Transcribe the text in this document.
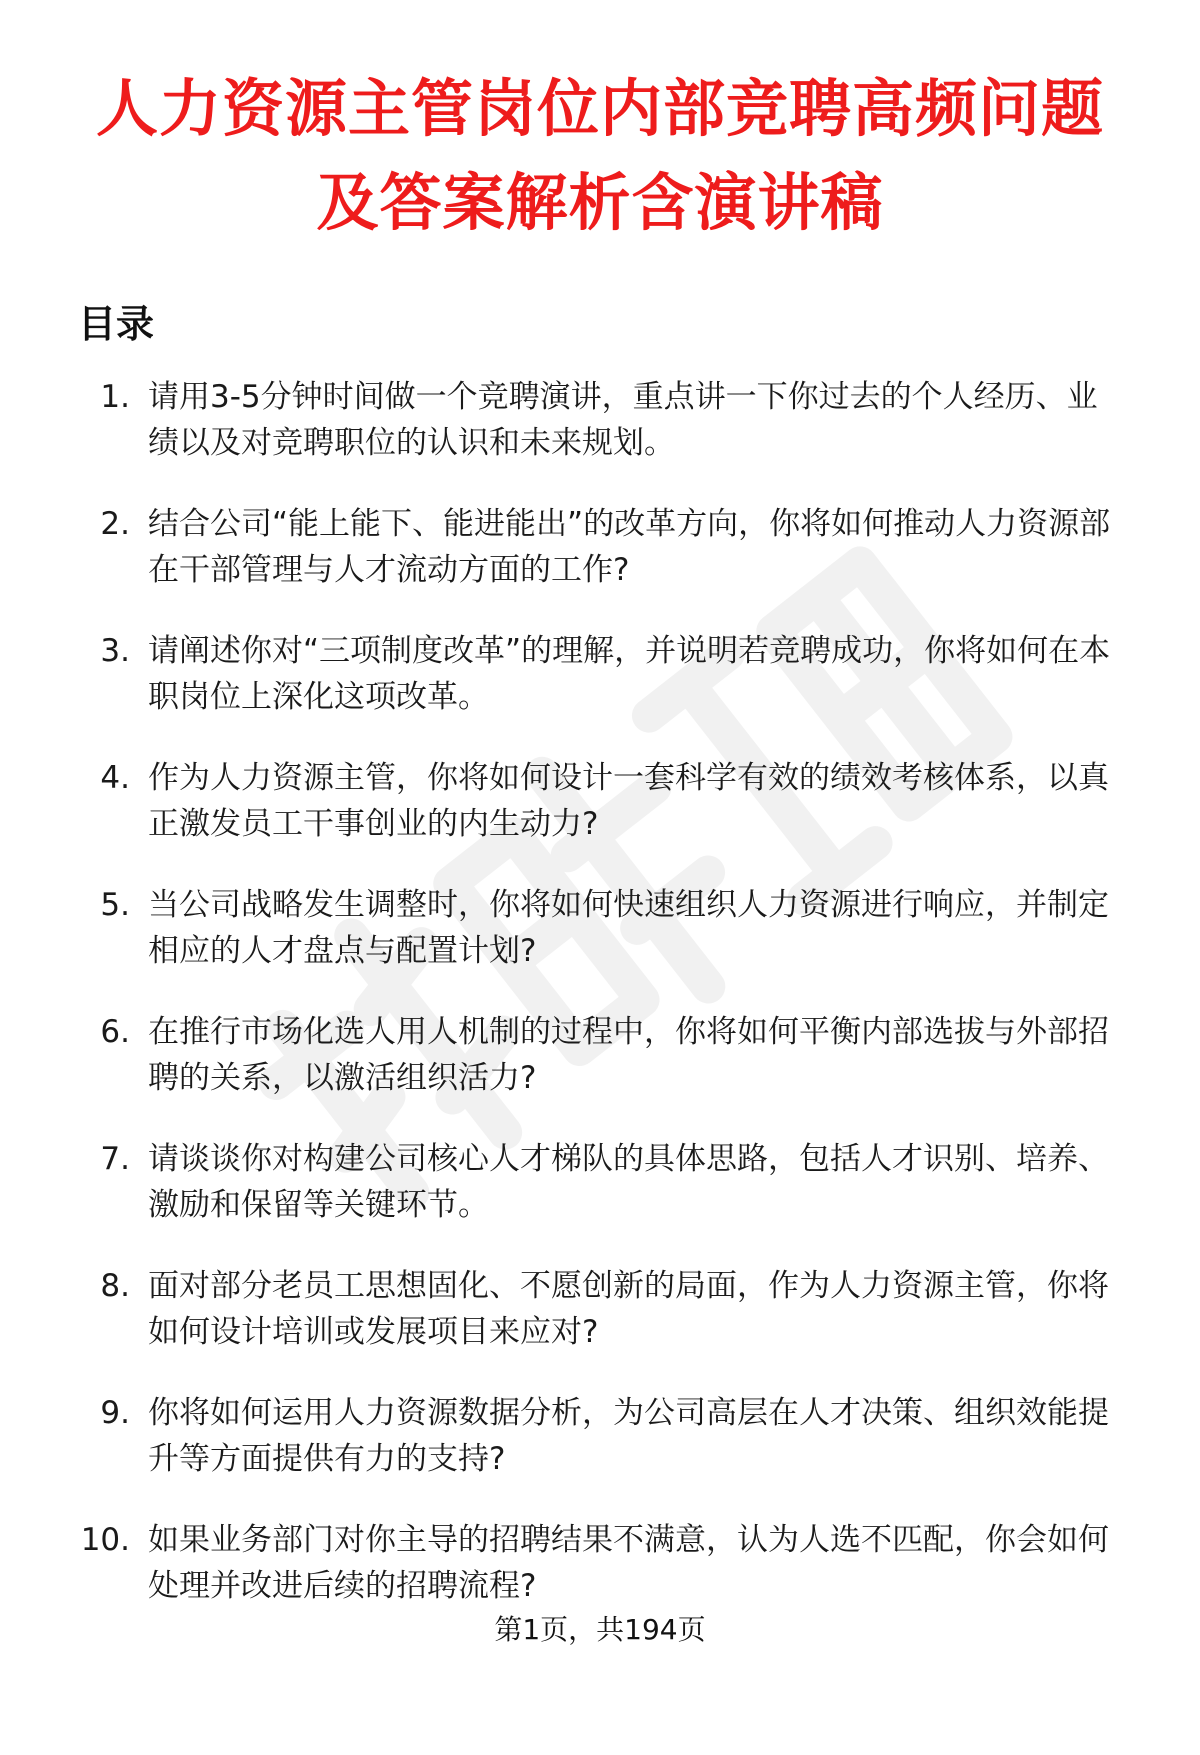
人力资源主管岗位内部竞聘高频问题及答案解析含演讲稿
目录
1. 请用3-5分钟时间做一个竞聘演讲，重点讲一下你过去的个人经历、业绩以及对竞聘职位的认识和未来规划。
2. 结合公司“能上能下、能进能出”的改革方向，你将如何推动人力资源部在干部管理与人才流动方面的工作?
3. 请阐述你对“三项制度改革”的理解，并说明若竞聘成功，你将如何在本职岗位上深化这项改革。
4. 作为人力资源主管，你将如何设计一套科学有效的绩效考核体系，以真正激发员工干事创业的内生动力?
5. 当公司战略发生调整时，你将如何快速组织人力资源进行响应，并制定相应的人才盘点与配置计划?
6. 在推行市场化选人用人机制的过程中，你将如何平衡内部选拔与外部招聘的关系，以激活组织活力?
7. 请谈谈你对构建公司核心人才梯队的具体思路，包括人才识别、培养、激励和保留等关键环节。
8. 面对部分老员工思想固化、不愿创新的局面，作为人力资源主管，你将如何设计培训或发展项目来应对?
9. 你将如何运用人力资源数据分析，为公司高层在人才决策、组织效能提升等方面提供有力的支持?
10. 如果业务部门对你主导的招聘结果不满意，认为人选不匹配，你会如何处理并改进后续的招聘流程?
第1页，共194页
